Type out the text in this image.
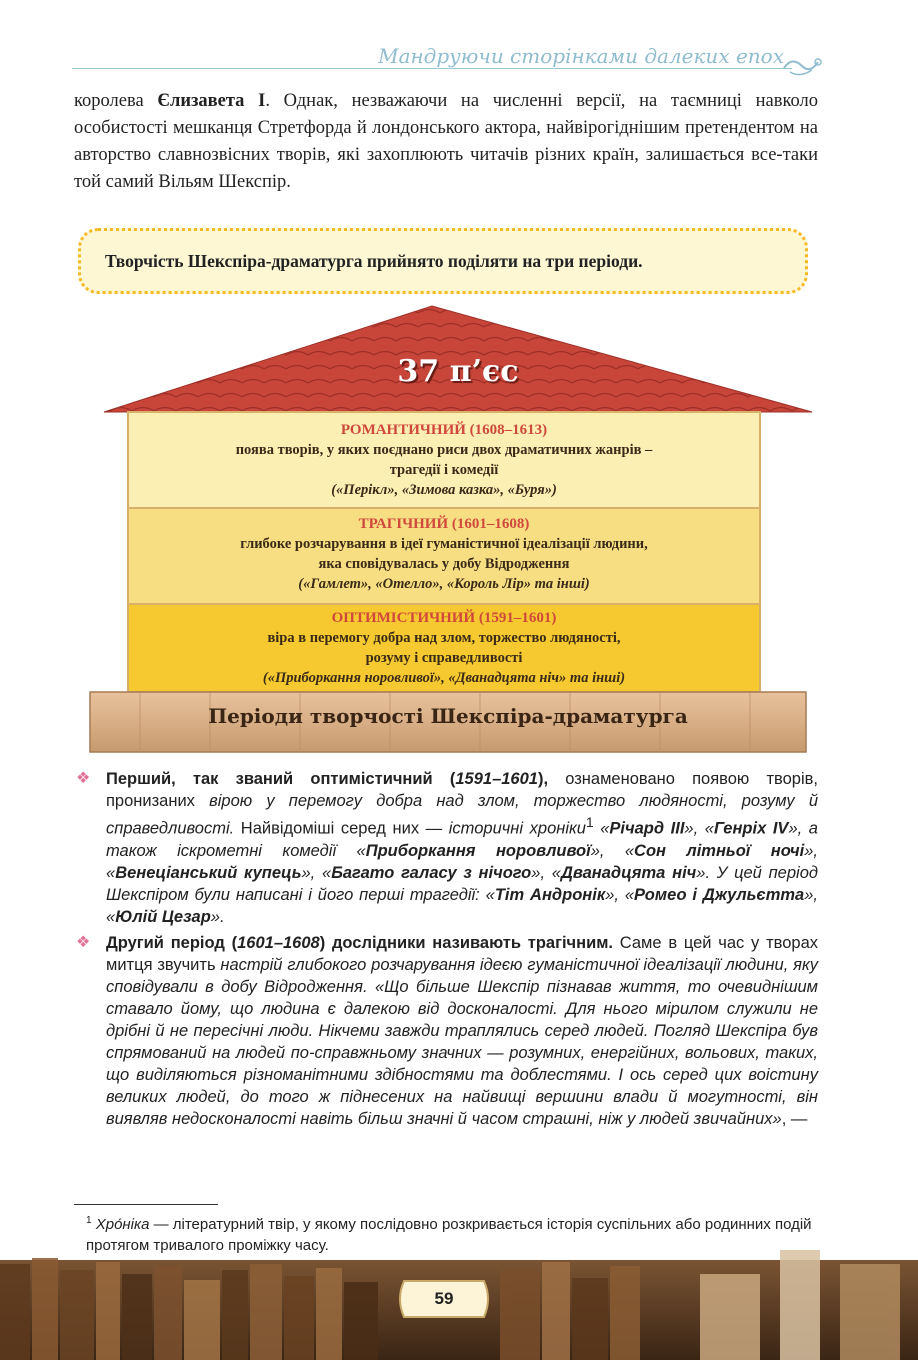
Мандруючи сторінками далеких епох

королева Єлизавета I. Однак, незважаючи на численні версії, на таємниці навколо особистості мешканця Стретфорда й лондонського актора, найвірогіднішим претендентом на авторство славнозвісних творів, які захоплюють читачів різних країн, залишається все-таки той самий Вільям Шекспір.

Творчість Шекспіра-драматурга прийнято поділяти на три періоди.

37 п’єс
РОМАНТИЧНИЙ (1608–1613)
поява творів, у яких поєднано риси двох драматичних жанрів –
трагедії і комедії
(«Перікл», «Зимова казка», «Буря»)
ТРАГІЧНИЙ (1601–1608)
глибоке розчарування в ідеї гуманістичної ідеалізації людини,
яка сповідувалась у добу Відродження
(«Гамлет», «Отелло», «Король Лір» та інші)
ОПТИМІСТИЧНИЙ (1591–1601)
віра в перемогу добра над злом, торжество людяності,
розуму і справедливості
(«Приборкання норовливої», «Дванадцята ніч» та інші)
Періоди творчості Шекспіра-драматурга

❖ Перший, так званий оптимістичний (1591–1601), ознаменовано появою творів, пронизаних вірою у перемогу добра над злом, торжество людяності, розуму й справедливості. Найвідоміші серед них — історичні хроніки$^1$ «Річард III», «Генріх IV», а також іскрометні комедії «Приборкання норовливої», «Сон літньої ночі», «Венеціанський купець», «Багато галасу з нічого», «Дванадцята ніч». У цей період Шекспіром були написані і його перші трагедії: «Тіт Андронік», «Ромео і Джульєтта», «Юлій Цезар».

❖ Другий період (1601–1608) дослідники називають трагічним. Саме в цей час у творах митця звучить настрій глибокого розчарування ідеєю гуманістичної ідеалізації людини, яку сповідували в добу Відродження. «Що більше Шекспір пізнавав життя, то очевиднішим ставало йому, що людина є далекою від досконалості. Для нього мірилом служили не дрібні й не пересічні люди. Нікчеми завжди траплялись серед людей. Погляд Шекспіра був спрямований на людей по-справжньому значних — розумних, енергійних, вольових, таких, що виділяються різноманітними здібностями та доблестями. І ось серед цих воістину великих людей, до того ж піднесених на найвищі вершини влади й могутності, він виявляв недосконалості навіть більш значні й часом страшні, ніж у людей звичайних», —

$^1$ Хро́ніка — літературний твір, у якому послідовно розкривається історія суспільних або родинних подій протягом тривалого проміжку часу.
59
